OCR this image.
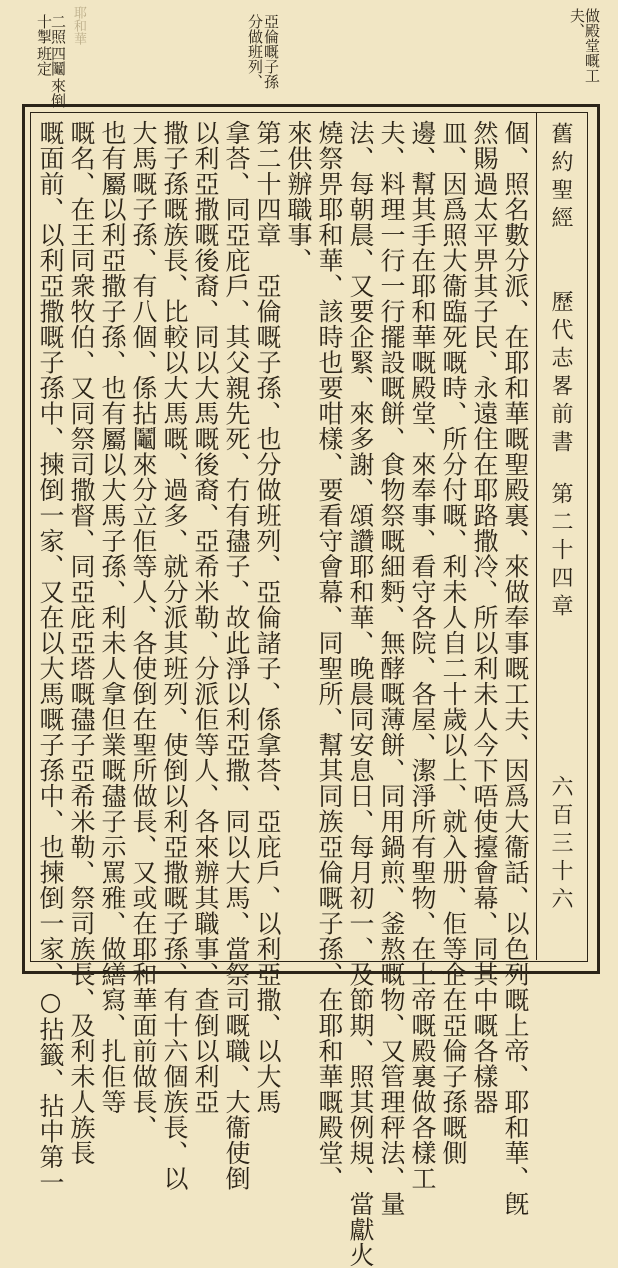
耶和華	做殿堂嘅工
夫、
亞倫嘅子孫
分做班列、
二照
十掣
四鬮
班定
來倒
舊約聖經
歷代志畧前書
第二十四章
六百三十六
個、照名數分派、在耶和華嘅聖殿裏、來做奉事嘅工夫、因爲大衞話、以色列嘅上帝、耶和華、旣
然賜過太平畀其子民、永遠住在耶路撒冷、所以利未人今下唔使擡會幕、同其中嘅各樣器
皿、因爲照大衞臨死嘅時、所分付嘅、利未人自二十歲以上、就入册、佢等企在亞倫子孫嘅側
邊、幫其手在耶和華嘅殿堂、來奉事、看守各院、各屋、潔淨所有聖物、在上帝嘅殿裏做各樣工
夫、料理一行一行擺設嘅餅、食物祭嘅細麪、無酵嘅薄餅、同用鍋煎、釜熬嘅物、又管理秤法、量
法、每朝晨、又要企緊、來多謝、頌讚耶和華、晚晨同安息日、每月初一、及節期、照其例規、當獻火
燒祭畀耶和華、該時也要咁樣、要看守會幕、同聖所、幫其同族亞倫嘅子孫、在耶和華嘅殿堂、
來供辦職事、
第二十四章　亞倫嘅子孫、也分做班列、亞倫諸子、係拿荅、亞庇戶、以利亞撒、以大馬
拿荅、同亞庇戶、其父親先死、冇有孻子、故此淨以利亞撒、同以大馬、當祭司嘅職、大衞使倒
以利亞撒嘅後裔、同以大馬嘅後裔、亞希米勒、分派佢等人、各來辦其職事、查倒以利亞
撒子孫嘅族長、比較以大馬嘅、過多、就分派其班列、使倒以利亞撒嘅子孫、有十六個族長、以
大馬嘅子孫、有八個、係拈鬮來分立佢等人、各使倒在聖所做長、又或在耶和華面前做長、
也有屬以利亞撒子孫、也有屬以大馬子孫、利未人拿但業嘅孻子示罵雅、做繕寫、扎佢等
嘅名、在王同衆牧伯、又同祭司撒督、同亞庇亞塔嘅孻子亞希米勒、祭司族長、及利未人族長
嘅面前、以利亞撒嘅子孫中、揀倒一家、又在以大馬嘅子孫中、也揀倒一家、○拈籤、拈中第一
